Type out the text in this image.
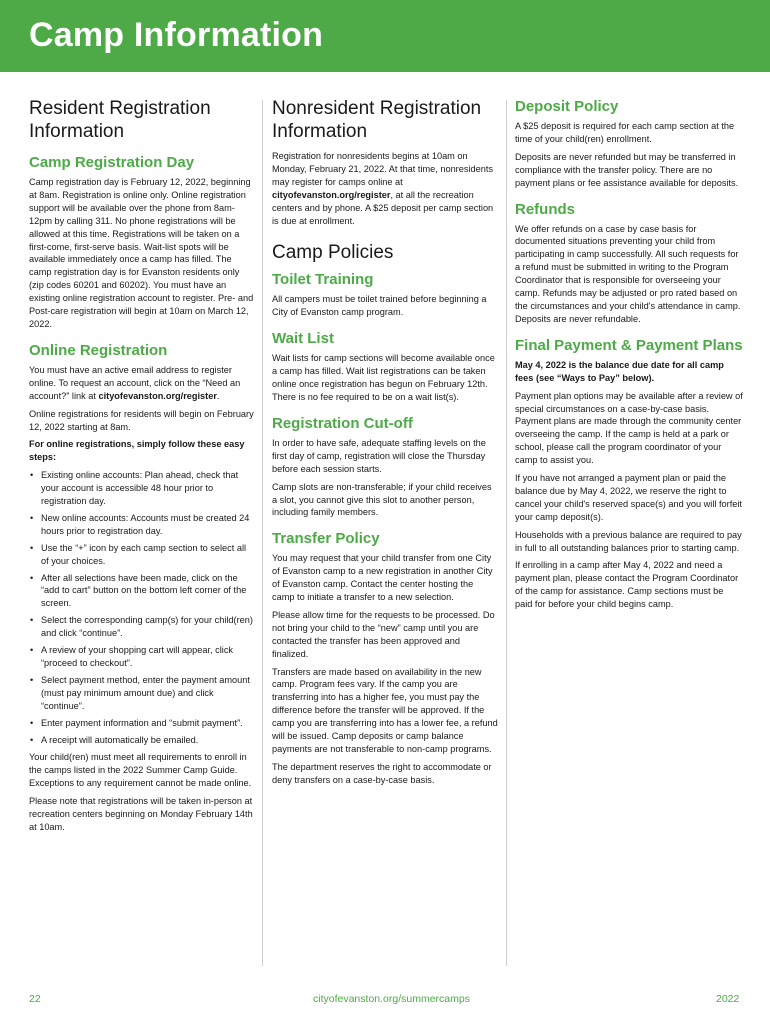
Camp Information
Resident Registration Information
Camp Registration Day

Camp registration day is February 12, 2022, beginning at 8am. Registration is online only. Online registration support will be available over the phone from 8am-12pm by calling 311. No phone registrations will be allowed at this time. Registrations will be taken on a first-come, first-serve basis. Wait-list spots will be available immediately once a camp has filled. The camp registration day is for Evanston residents only (zip codes 60201 and 60202). You must have an existing online registration account to register. Pre- and Post-care registration will begin at 10am on March 12, 2022.

Online Registration

You must have an active email address to register online. To request an account, click on the “Need an account?” link at cityofevanston.org/register.

Online registrations for residents will begin on February 12, 2022 starting at 8am.

For online registrations, simply follow these easy steps:

• Existing online accounts: Plan ahead, check that your account is accessible 48 hour prior to registration day.
• New online accounts: Accounts must be created 24 hours prior to registration day.
• Use the “+” icon by each camp section to select all of your choices.
• After all selections have been made, click on the “add to cart” button on the bottom left corner of the screen.
• Select the corresponding camp(s) for your child(ren) and click “continue”.
• A review of your shopping cart will appear, click “proceed to checkout”.
• Select payment method, enter the payment amount (must pay minimum amount due) and click “continue”.
• Enter payment information and “submit payment”.
• A receipt will automatically be emailed.

Your child(ren) must meet all requirements to enroll in the camps listed in the 2022 Summer Camp Guide. Exceptions to any requirement cannot be made online.

Please note that registrations will be taken in-person at recreation centers beginning on Monday February 14th at 10am.

Nonresident Registration Information

Registration for nonresidents begins at 10am on Monday, February 21, 2022. At that time, nonresidents may register for camps online at cityofevanston.org/register, at all the recreation centers and by phone. A $25 deposit per camp section is due at enrollment.

Camp Policies
Toilet Training

All campers must be toilet trained before beginning a City of Evanston camp program.

Wait List

Wait lists for camp sections will become available once a camp has filled. Wait list registrations can be taken online once registration has begun on February 12th. There is no fee required to be on a wait list(s).

Registration Cut-off

In order to have safe, adequate staffing levels on the first day of camp, registration will close the Thursday before each session starts.

Camp slots are non-transferable; if your child receives a slot, you cannot give this slot to another person, including family members.

Transfer Policy

You may request that your child transfer from one City of Evanston camp to a new registration in another City of Evanston camp. Contact the center hosting the camp to initiate a transfer to a new selection.

Please allow time for the requests to be processed. Do not bring your child to the “new” camp until you are contacted the transfer has been approved and finalized.

Transfers are made based on availability in the new camp. Program fees vary. If the camp you are transferring into has a higher fee, you must pay the difference before the transfer will be approved. If the camp you are transferring into has a lower fee, a refund will be issued. Camp deposits or camp balance payments are not transferable to non-camp programs.

The department reserves the right to accommodate or deny transfers on a case-by-case basis.

Deposit Policy

A $25 deposit is required for each camp section at the time of your child(ren) enrollment.

Deposits are never refunded but may be transferred in compliance with the transfer policy. There are no payment plans or fee assistance available for deposits.

Refunds

We offer refunds on a case by case basis for documented situations preventing your child from participating in camp successfully. All such requests for a refund must be submitted in writing to the Program Coordinator that is responsible for overseeing your camp. Refunds may be adjusted or pro rated based on the circumstances and your child's attendance in camp. Deposits are never refundable.

Final Payment & Payment Plans

May 4, 2022 is the balance due date for all camp fees (see “Ways to Pay” below).

Payment plan options may be available after a review of special circumstances on a case-by-case basis. Payment plans are made through the community center overseeing the camp. If the camp is held at a park or school, please call the program coordinator of your camp to assist you.

If you have not arranged a payment plan or paid the balance due by May 4, 2022, we reserve the right to cancel your child's reserved space(s) and you will forfeit your camp deposit(s).

Households with a previous balance are required to pay in full to all outstanding balances prior to starting camp.

If enrolling in a camp after May 4, 2022 and need a payment plan, please contact the Program Coordinator of the camp for assistance. Camp sections must be paid for before your child begins camp.

22	cityofevanston.org/summercamps	2022
